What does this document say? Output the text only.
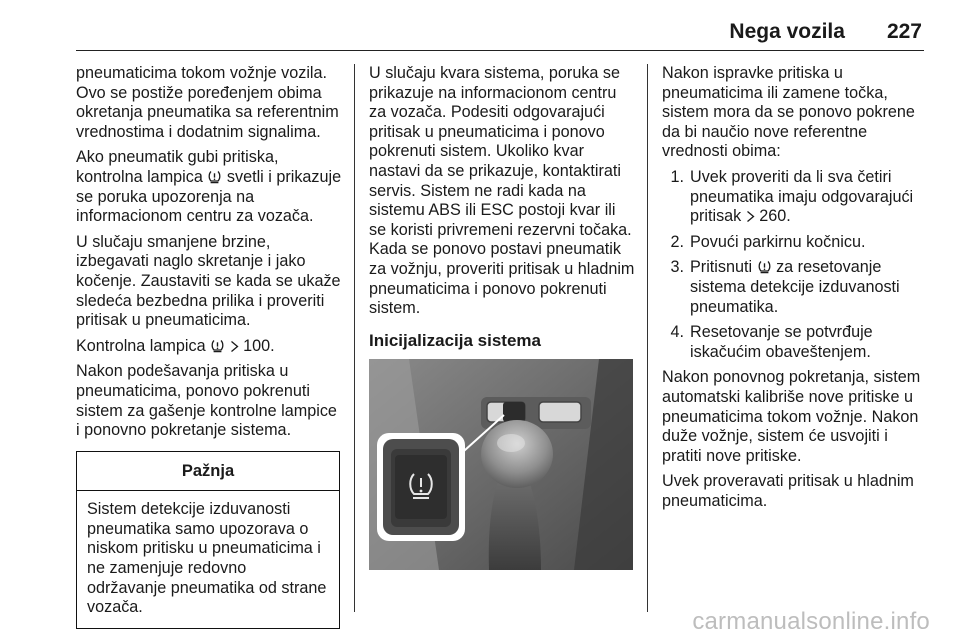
Nega vozila 227

pneumaticima tokom vožnje vozila. Ovo se postiže poređenjem obima okretanja pneumatika sa referentnim vrednostima i dodatnim signalima.

Ako pneumatik gubi pritiska, kontrolna lampica svetli i prikazuje se poruka upozorenja na informacionom centru za vozača.

U slučaju smanjene brzine, izbegavati naglo skretanje i jako kočenje. Zaustaviti se kada se ukaže sledeća bezbedna prilika i proveriti pritisak u pneumaticima.

Kontrolna lampica 100.

Nakon podešavanja pritiska u pneumaticima, ponovo pokrenuti sistem za gašenje kontrolne lampice i ponovno pokretanje sistema.

Pažnja
Sistem detekcije izduvanosti pneumatika samo upozorava o niskom pritisku u pneumaticima i ne zamenjuje redovno održavanje pneumatika od strane vozača.

U slučaju kvara sistema, poruka se prikazuje na informacionom centru za vozača. Podesiti odgovarajući pritisak u pneumaticima i ponovo pokrenuti sistem. Ukoliko kvar nastavi da se prikazuje, kontaktirati servis. Sistem ne radi kada na sistemu ABS ili ESC postoji kvar ili se koristi privremeni rezervni točaka. Kada se ponovo postavi pneumatik za vožnju, proveriti pritisak u hladnim pneumaticima i ponovo pokrenuti sistem.

Inicijalizacija sistema

Nakon ispravke pritiska u pneumaticima ili zamene točka, sistem mora da se ponovo pokrene da bi naučio nove referentne vrednosti obima:

1. Uvek proveriti da li sva četiri pneumatika imaju odgovarajući pritisak 260.
2. Povući parkirnu kočnicu.
3. Pritisnuti za resetovanje sistema detekcije izduvanosti pneumatika.
4. Resetovanje se potvrđuje iskačućim obaveštenjem.

Nakon ponovnog pokretanja, sistem automatski kalibriše nove pritiske u pneumaticima tokom vožnje. Nakon duže vožnje, sistem će usvojiti i pratiti nove pritiske.

Uvek proveravati pritisak u hladnim pneumaticima.

carmanualsonline.info
